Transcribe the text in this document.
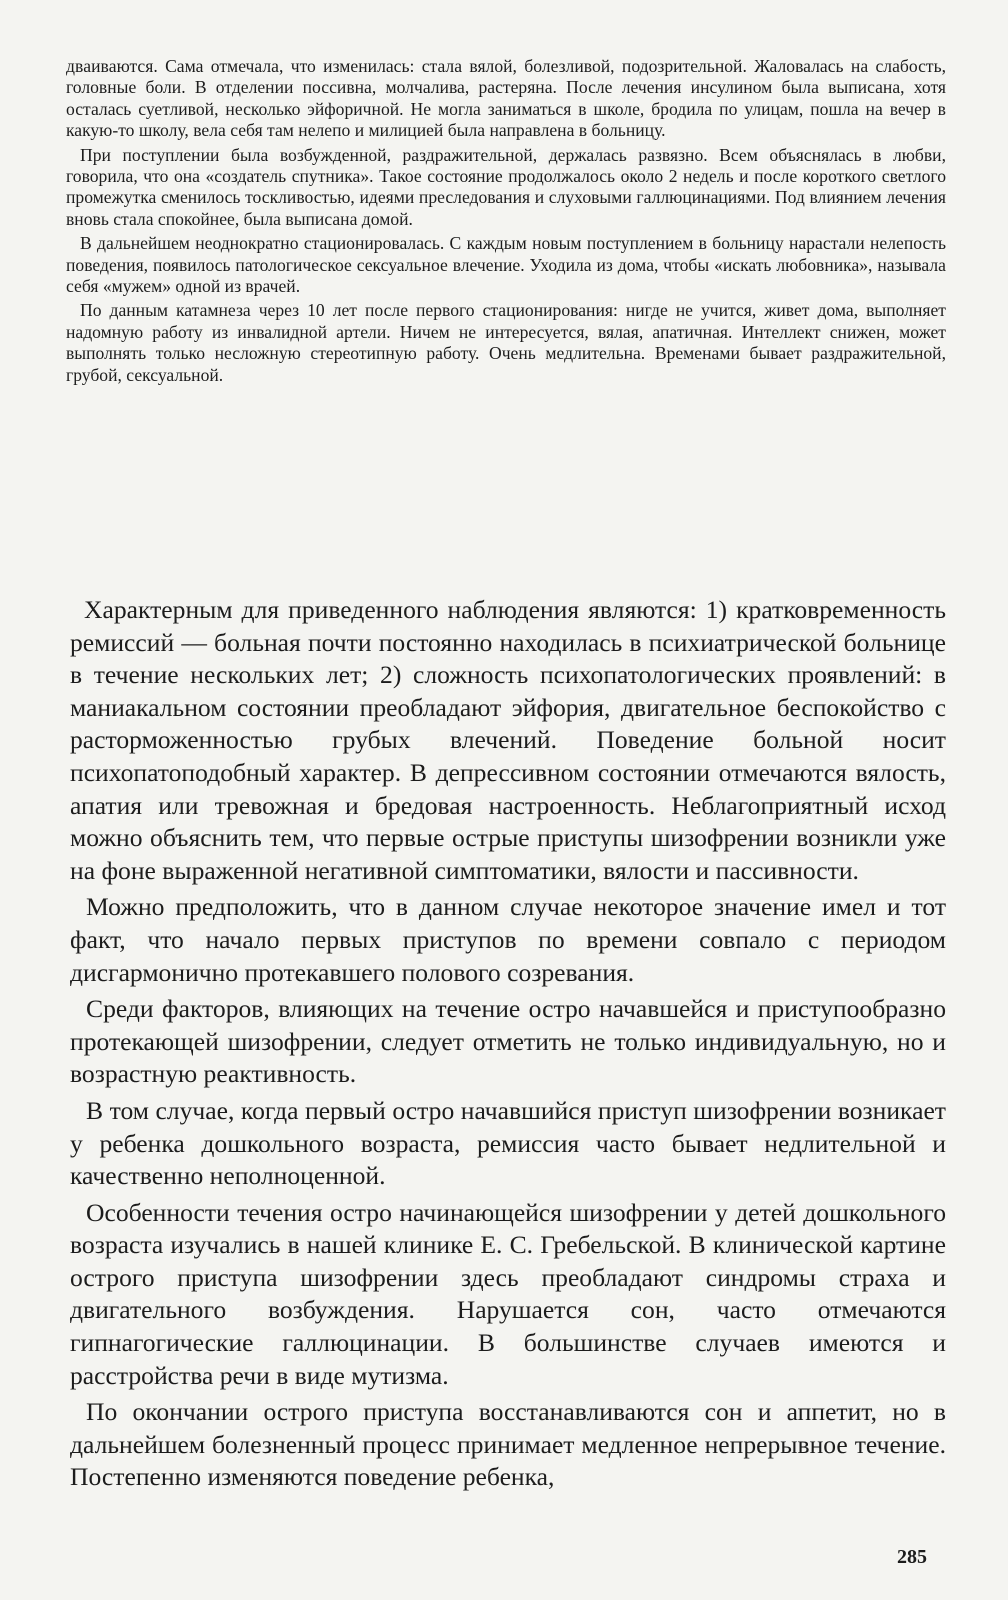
двaивaются. Сама отмечала, что изменилась: стала вялой, болезливой, подозрительной. Жаловалась на слабость, головные боли. В отделении поссивна, молчалива, растеряна. После лечения инсулином была выписана, хотя осталась суетливой, несколько эйфоричной. Не могла заниматься в школе, бродила по улицам, пошла на вечер в какую-то школу, вела себя там нелепо и милицией была направлена в больницу.

При поступлении была возбужденной, раздражительной, держалась развязно. Всем объяснялась в любви, говорила, что она «создатель спутника». Такое состояние продолжалось около 2 недель и после короткого светлого промежутка сменилось тоскливостью, идеями преследования и слуховыми галлюцинациями. Под влиянием лечения вновь стала спокойнее, была выписана домой.

В дальнейшем неоднократно стационировалась. С каждым новым поступлением в больницу нарастали нелепость поведения, появилось патологическое сексуальное влечение. Уходила из дома, чтобы «искать любовника», называла себя «мужем» одной из врачей.

По данным катамнеза через 10 лет после первого стационирования: нигде не учится, живет дома, выполняет надомную работу из инвалидной артели. Ничем не интересуется, вялая, апатичная. Интеллект снижен, может выполнять только несложную стереотипную работу. Очень медлительна. Временами бывает раздражительной, грубой, сексуальной.

Характерным для приведенного наблюдения являются: 1) кратковременность ремиссий — больная почти постоянно находилась в психиатрической больнице в течение нескольких лет; 2) сложность психопатологических проявлений: в маниакальном состоянии преобладают эйфория, двигательное беспокойство с расторможенностью грубых влечений. Поведение больной носит психопатоподобный характер. В депрессивном состоянии отмечаются вялость, апатия или тревожная и бредовая настроенность. Неблагоприятный исход можно объяснить тем, что первые острые приступы шизофрении возникли уже на фоне выраженной негативной симптоматики, вялости и пассивности.

Можно предположить, что в данном случае некоторое значение имел и тот факт, что начало первых приступов по времени совпало с периодом дисгармонично протекавшего полового созревания.

Среди факторов, влияющих на течение остро начавшейся и приступообразно протекающей шизофрении, следует отметить не только индивидуальную, но и возрастную реактивность.

В том случае, когда первый остро начавшийся приступ шизофрении возникает у ребенка дошкольного возраста, ремиссия часто бывает недлительной и качественно неполноценной.

Особенности течения остро начинающейся шизофрении у детей дошкольного возраста изучались в нашей клинике Е. С. Гребельской. В клинической картине острого приступа шизофрении здесь преобладают синдромы страха и двигательного возбуждения. Нарушается сон, часто отмечаются гипнагогические галлюцинации. В большинстве случаев имеются и расстройства речи в виде мутизма.

По окончании острого приступа восстанавливаются сон и аппетит, но в дальнейшем болезненный процесс принимает медленное непрерывное течение. Постепенно изменяются поведение ребенка,

285
